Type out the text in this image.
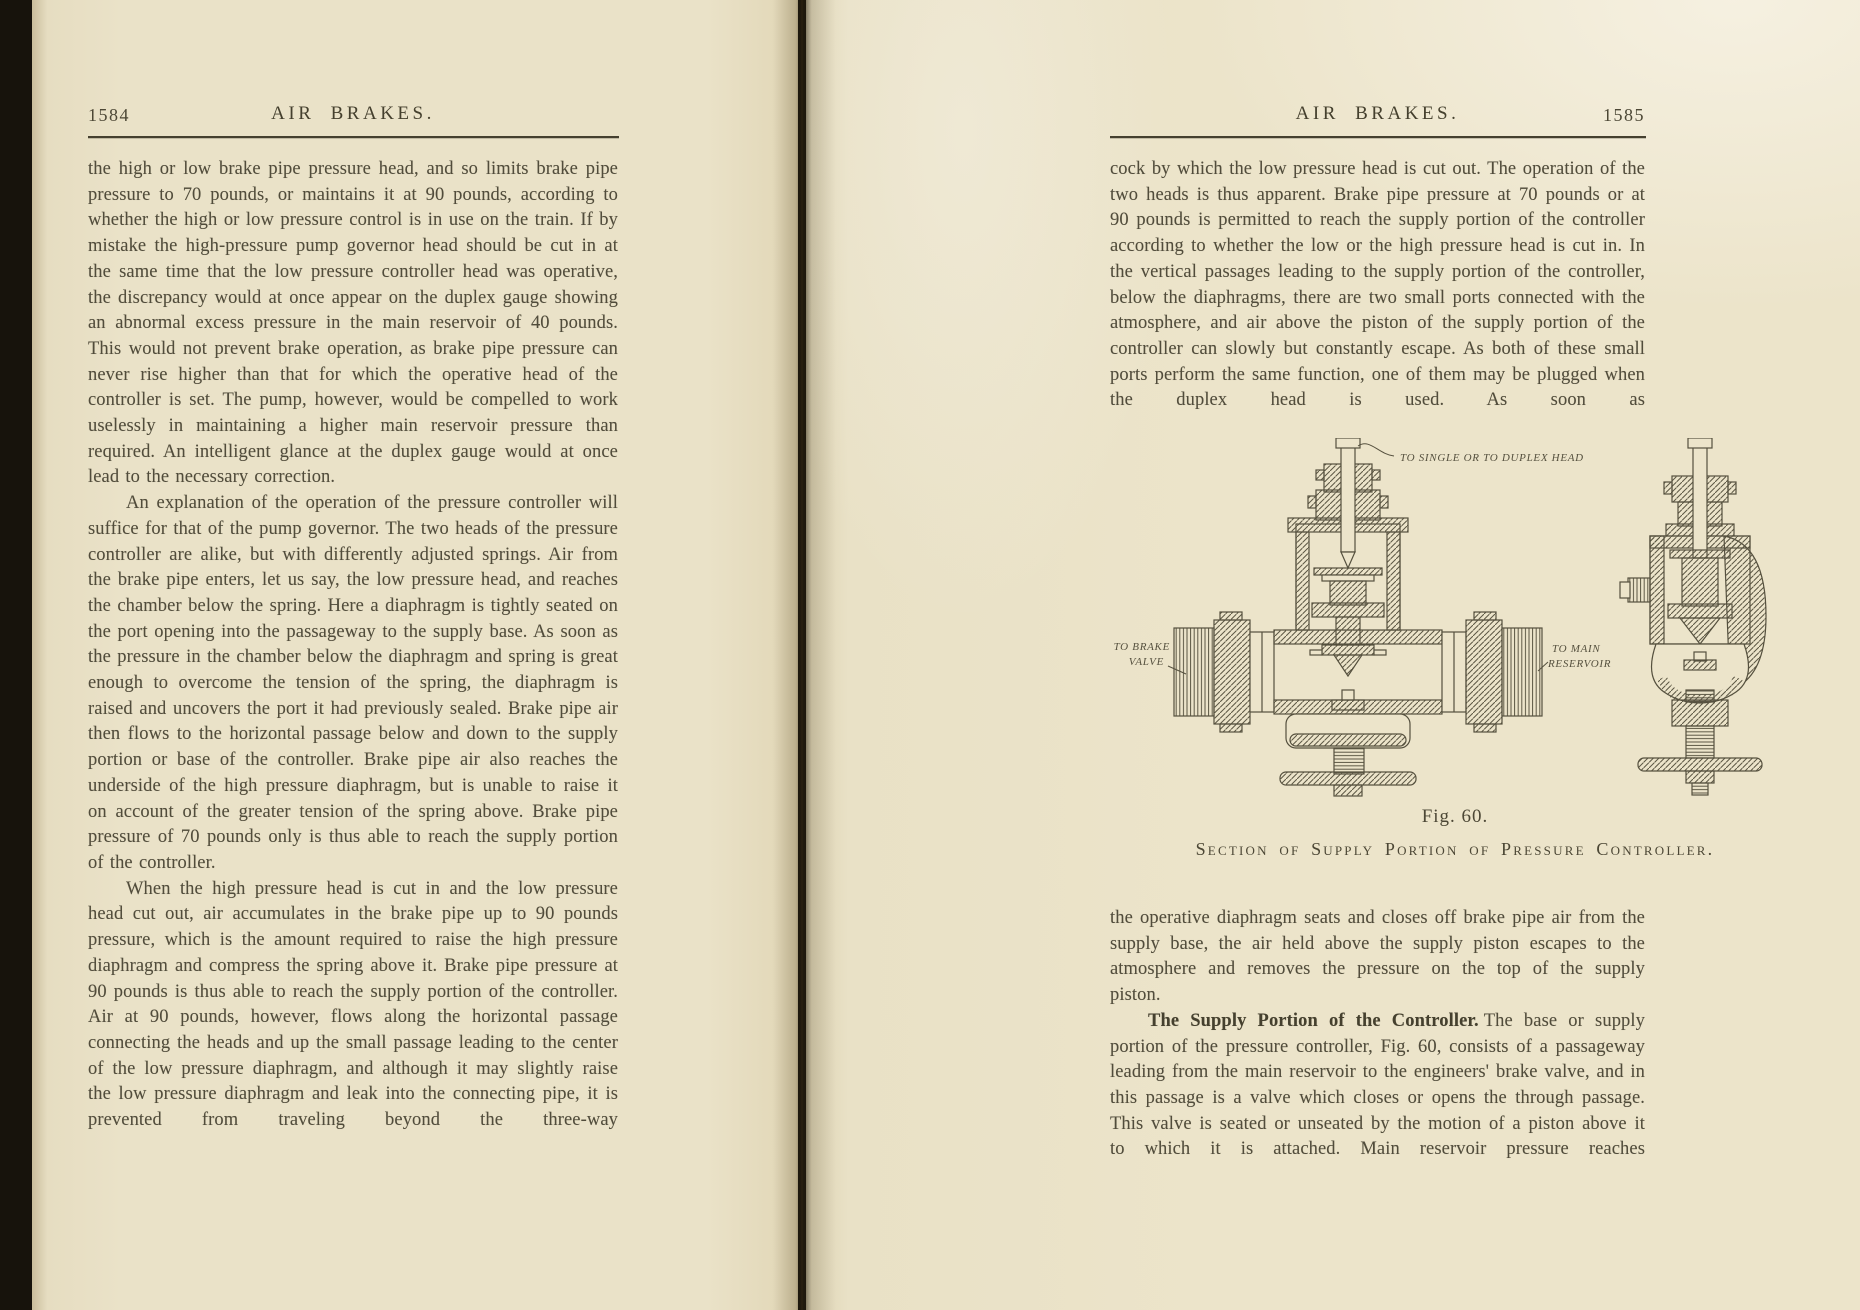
1584	AIR BRAKES.

the high or low brake pipe pressure head, and so limits brake pipe pressure to 70 pounds, or maintains it at 90 pounds, according to whether the high or low pressure control is in use on the train. If by mistake the high-pressure pump governor head should be cut in at the same time that the low pressure controller head was operative, the discrepancy would at once appear on the duplex gauge showing an abnormal excess pressure in the main reservoir of 40 pounds. This would not prevent brake operation, as brake pipe pressure can never rise higher than that for which the operative head of the controller is set. The pump, however, would be compelled to work uselessly in maintaining a higher main reservoir pressure than required. An intelligent glance at the duplex gauge would at once lead to the necessary correction.

An explanation of the operation of the pressure controller will suffice for that of the pump governor. The two heads of the pressure controller are alike, but with differently adjusted springs. Air from the brake pipe enters, let us say, the low pressure head, and reaches the chamber below the spring. Here a diaphragm is tightly seated on the port opening into the passageway to the supply base. As soon as the pressure in the chamber below the diaphragm and spring is great enough to overcome the tension of the spring, the diaphragm is raised and uncovers the port it had previously sealed. Brake pipe air then flows to the horizontal passage below and down to the supply portion or base of the controller. Brake pipe air also reaches the underside of the high pressure diaphragm, but is unable to raise it on account of the greater tension of the spring above. Brake pipe pressure of 70 pounds only is thus able to reach the supply portion of the controller.

When the high pressure head is cut in and the low pressure head cut out, air accumulates in the brake pipe up to 90 pounds pressure, which is the amount required to raise the high pressure diaphragm and compress the spring above it. Brake pipe pressure at 90 pounds is thus able to reach the supply portion of the controller. Air at 90 pounds, however, flows along the horizontal passage connecting the heads and up the small passage leading to the center of the low pressure diaphragm, and although it may slightly raise the low pressure diaphragm and leak into the connecting pipe, it is prevented from traveling beyond the three-way

AIR BRAKES.	1585

cock by which the low pressure head is cut out. The operation of the two heads is thus apparent. Brake pipe pressure at 70 pounds or at 90 pounds is permitted to reach the supply portion of the controller according to whether the low or the high pressure head is cut in. In the vertical passages leading to the supply portion of the controller, below the diaphragms, there are two small ports connected with the atmosphere, and air above the piston of the supply portion of the controller can slowly but constantly escape. As both of these small ports perform the same function, one of them may be plugged when the duplex head is used. As soon as

TO SINGLE OR TO DUPLEX HEAD
TO BRAKE
VALVE
TO MAIN
RESERVOIR
Fig. 60.
Section of Supply Portion of Pressure Controller.

the operative diaphragm seats and closes off brake pipe air from the supply base, the air held above the supply piston escapes to the atmosphere and removes the pressure on the top of the supply piston.

The Supply Portion of the Controller. The base or supply portion of the pressure controller, Fig. 60, consists of a passageway leading from the main reservoir to the engineers' brake valve, and in this passage is a valve which closes or opens the through passage. This valve is seated or unseated by the motion of a piston above it to which it is attached. Main reservoir pressure reaches
